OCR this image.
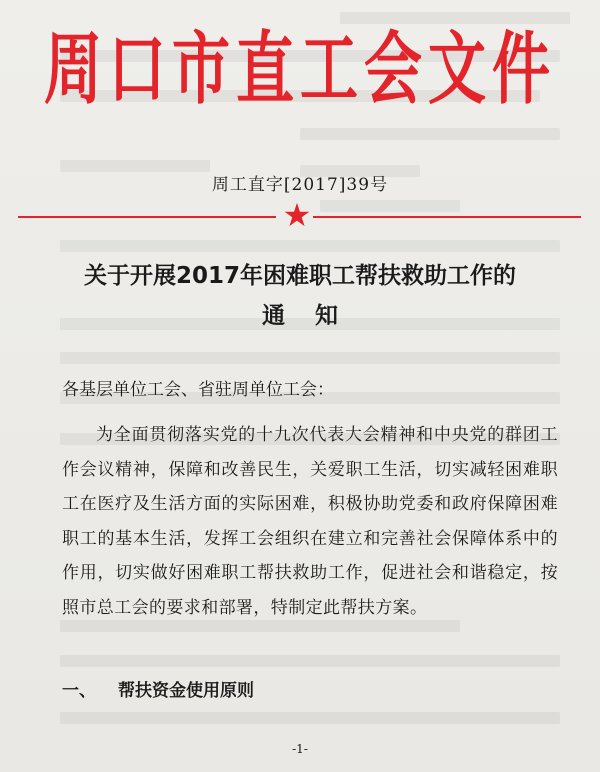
周口市直工会文件
周工直字[2017]39号
★
关于开展2017年困难职工帮扶救助工作的
通知
各基层单位工会、省驻周单位工会：
为全面贯彻落实党的十九次代表大会精神和中央党的群团工作会议精神，保障和改善民生，关爱职工生活，切实减轻困难职工在医疗及生活方面的实际困难，积极协助党委和政府保障困难职工的基本生活，发挥工会组织在建立和完善社会保障体系中的作用，切实做好困难职工帮扶救助工作，促进社会和谐稳定，按照市总工会的要求和部署，特制定此帮扶方案。
一、 帮扶资金使用原则
-1-
